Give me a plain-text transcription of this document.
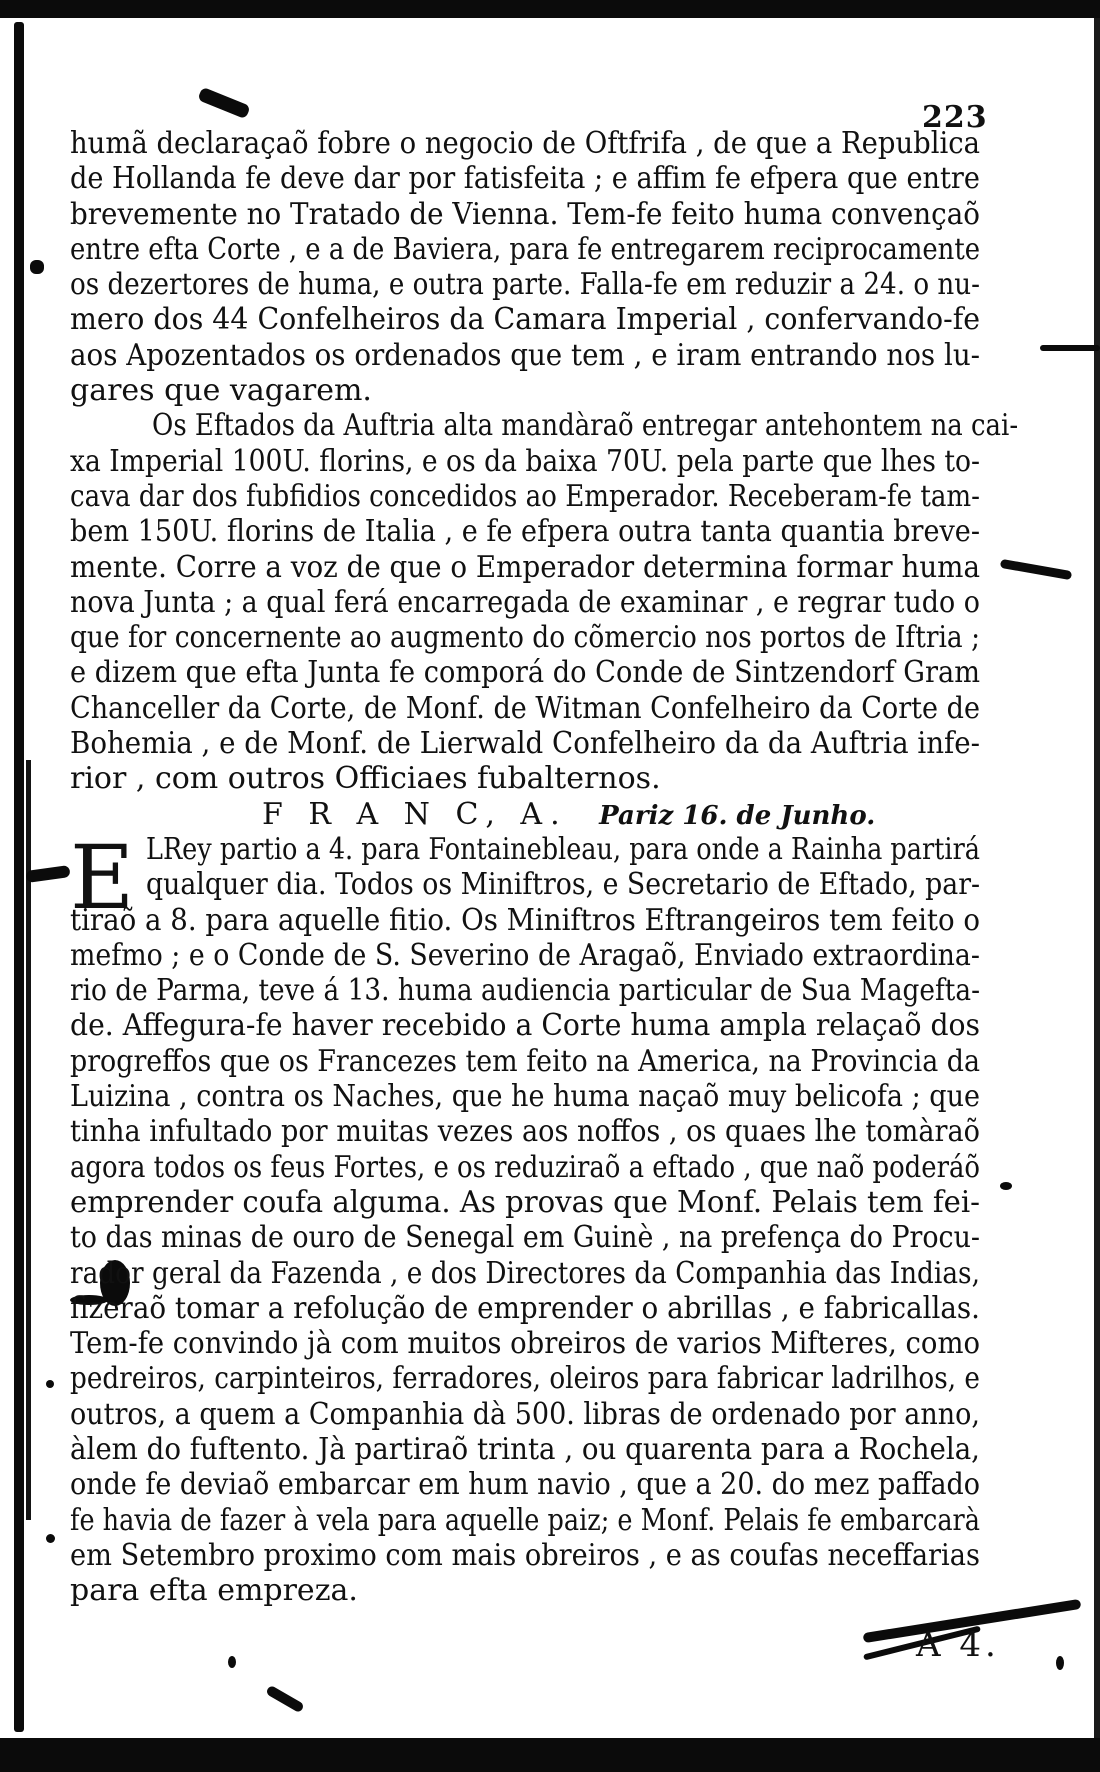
223
humã declaraçaõ fobre o negocio de Oftfrifa , de que a Republica
de Hollanda fe deve dar por fatisfeita ; e affim fe efpera que entre
brevemente no Tratado de Vienna. Tem-fe feito huma convençaõ
entre efta Corte , e a de Baviera, para fe entregarem reciprocamente
os dezertores de huma, e outra parte. Falla-fe em reduzir a 24. o nu-
mero dos 44 Confelheiros da Camara Imperial , confervando-fe
aos Apozentados os ordenados que tem , e iram entrando nos lu-
gares que vagarem.
Os Eftados da Auftria alta mandàraõ entregar antehontem na cai-
xa Imperial 100U. florins, e os da baixa 70U. pela parte que lhes to-
cava dar dos fubfidios concedidos ao Emperador. Receberam-fe tam-
bem 150U. florins de Italia , e fe efpera outra tanta quantia breve-
mente. Corre a voz de que o Emperador determina formar huma
nova Junta ; a qual ferá encarregada de examinar , e regrar tudo o
que for concernente ao augmento do cõmercio nos portos de Iftria ;
e dizem que efta Junta fe comporá do Conde de Sintzendorf Gram
Chanceller da Corte, de Monf. de Witman Confelheiro da Corte de
Bohemia , e de Monf. de Lierwald Confelheiro da da Auftria infe-
rior , com outros Officiaes fubalternos.
F R A N C, A. Pariz 16. de Junho.
LRey partio a 4. para Fontainebleau, para onde a Rainha partirá
qualquer dia. Todos os Miniftros, e Secretario de Eftado, par-
tiraõ a 8. para aquelle fitio. Os Miniftros Eftrangeiros tem feito o
mefmo ; e o Conde de S. Severino de Aragaõ, Enviado extraordina-
rio de Parma, teve á 13. huma audiencia particular de Sua Magefta-
de. Affegura-fe haver recebido a Corte huma ampla relaçaõ dos
progreffos que os Francezes tem feito na America, na Provincia da
Luizina , contra os Naches, que he huma naçaõ muy belicofa ; que
tinha infultado por muitas vezes aos noffos , os quaes lhe tomàraõ
agora todos os feus Fortes, e os reduziraõ a eftado , que naõ poderáõ
emprender coufa alguma. As provas que Monf. Pelais tem fei-
to das minas de ouro de Senegal em Guinè , na prefença do Procu-
rador geral da Fazenda , e dos Directores da Companhia das Indias,
fizeraõ tomar a refolução de emprender o abrillas , e fabricallas.
Tem-fe convindo jà com muitos obreiros de varios Mifteres, como
pedreiros, carpinteiros, ferradores, oleiros para fabricar ladrilhos, e
outros, a quem a Companhia dà 500. libras de ordenado por anno,
àlem do fuftento. Jà partiraõ trinta , ou quarenta para a Rochela,
onde fe deviaõ embarcar em hum navio , que a 20. do mez paffado
fe havia de fazer à vela para aquelle paiz; e Monf. Pelais fe embarcarà
em Setembro proximo com mais obreiros , e as coufas neceffarias
para efta empreza.
E
A 4.
